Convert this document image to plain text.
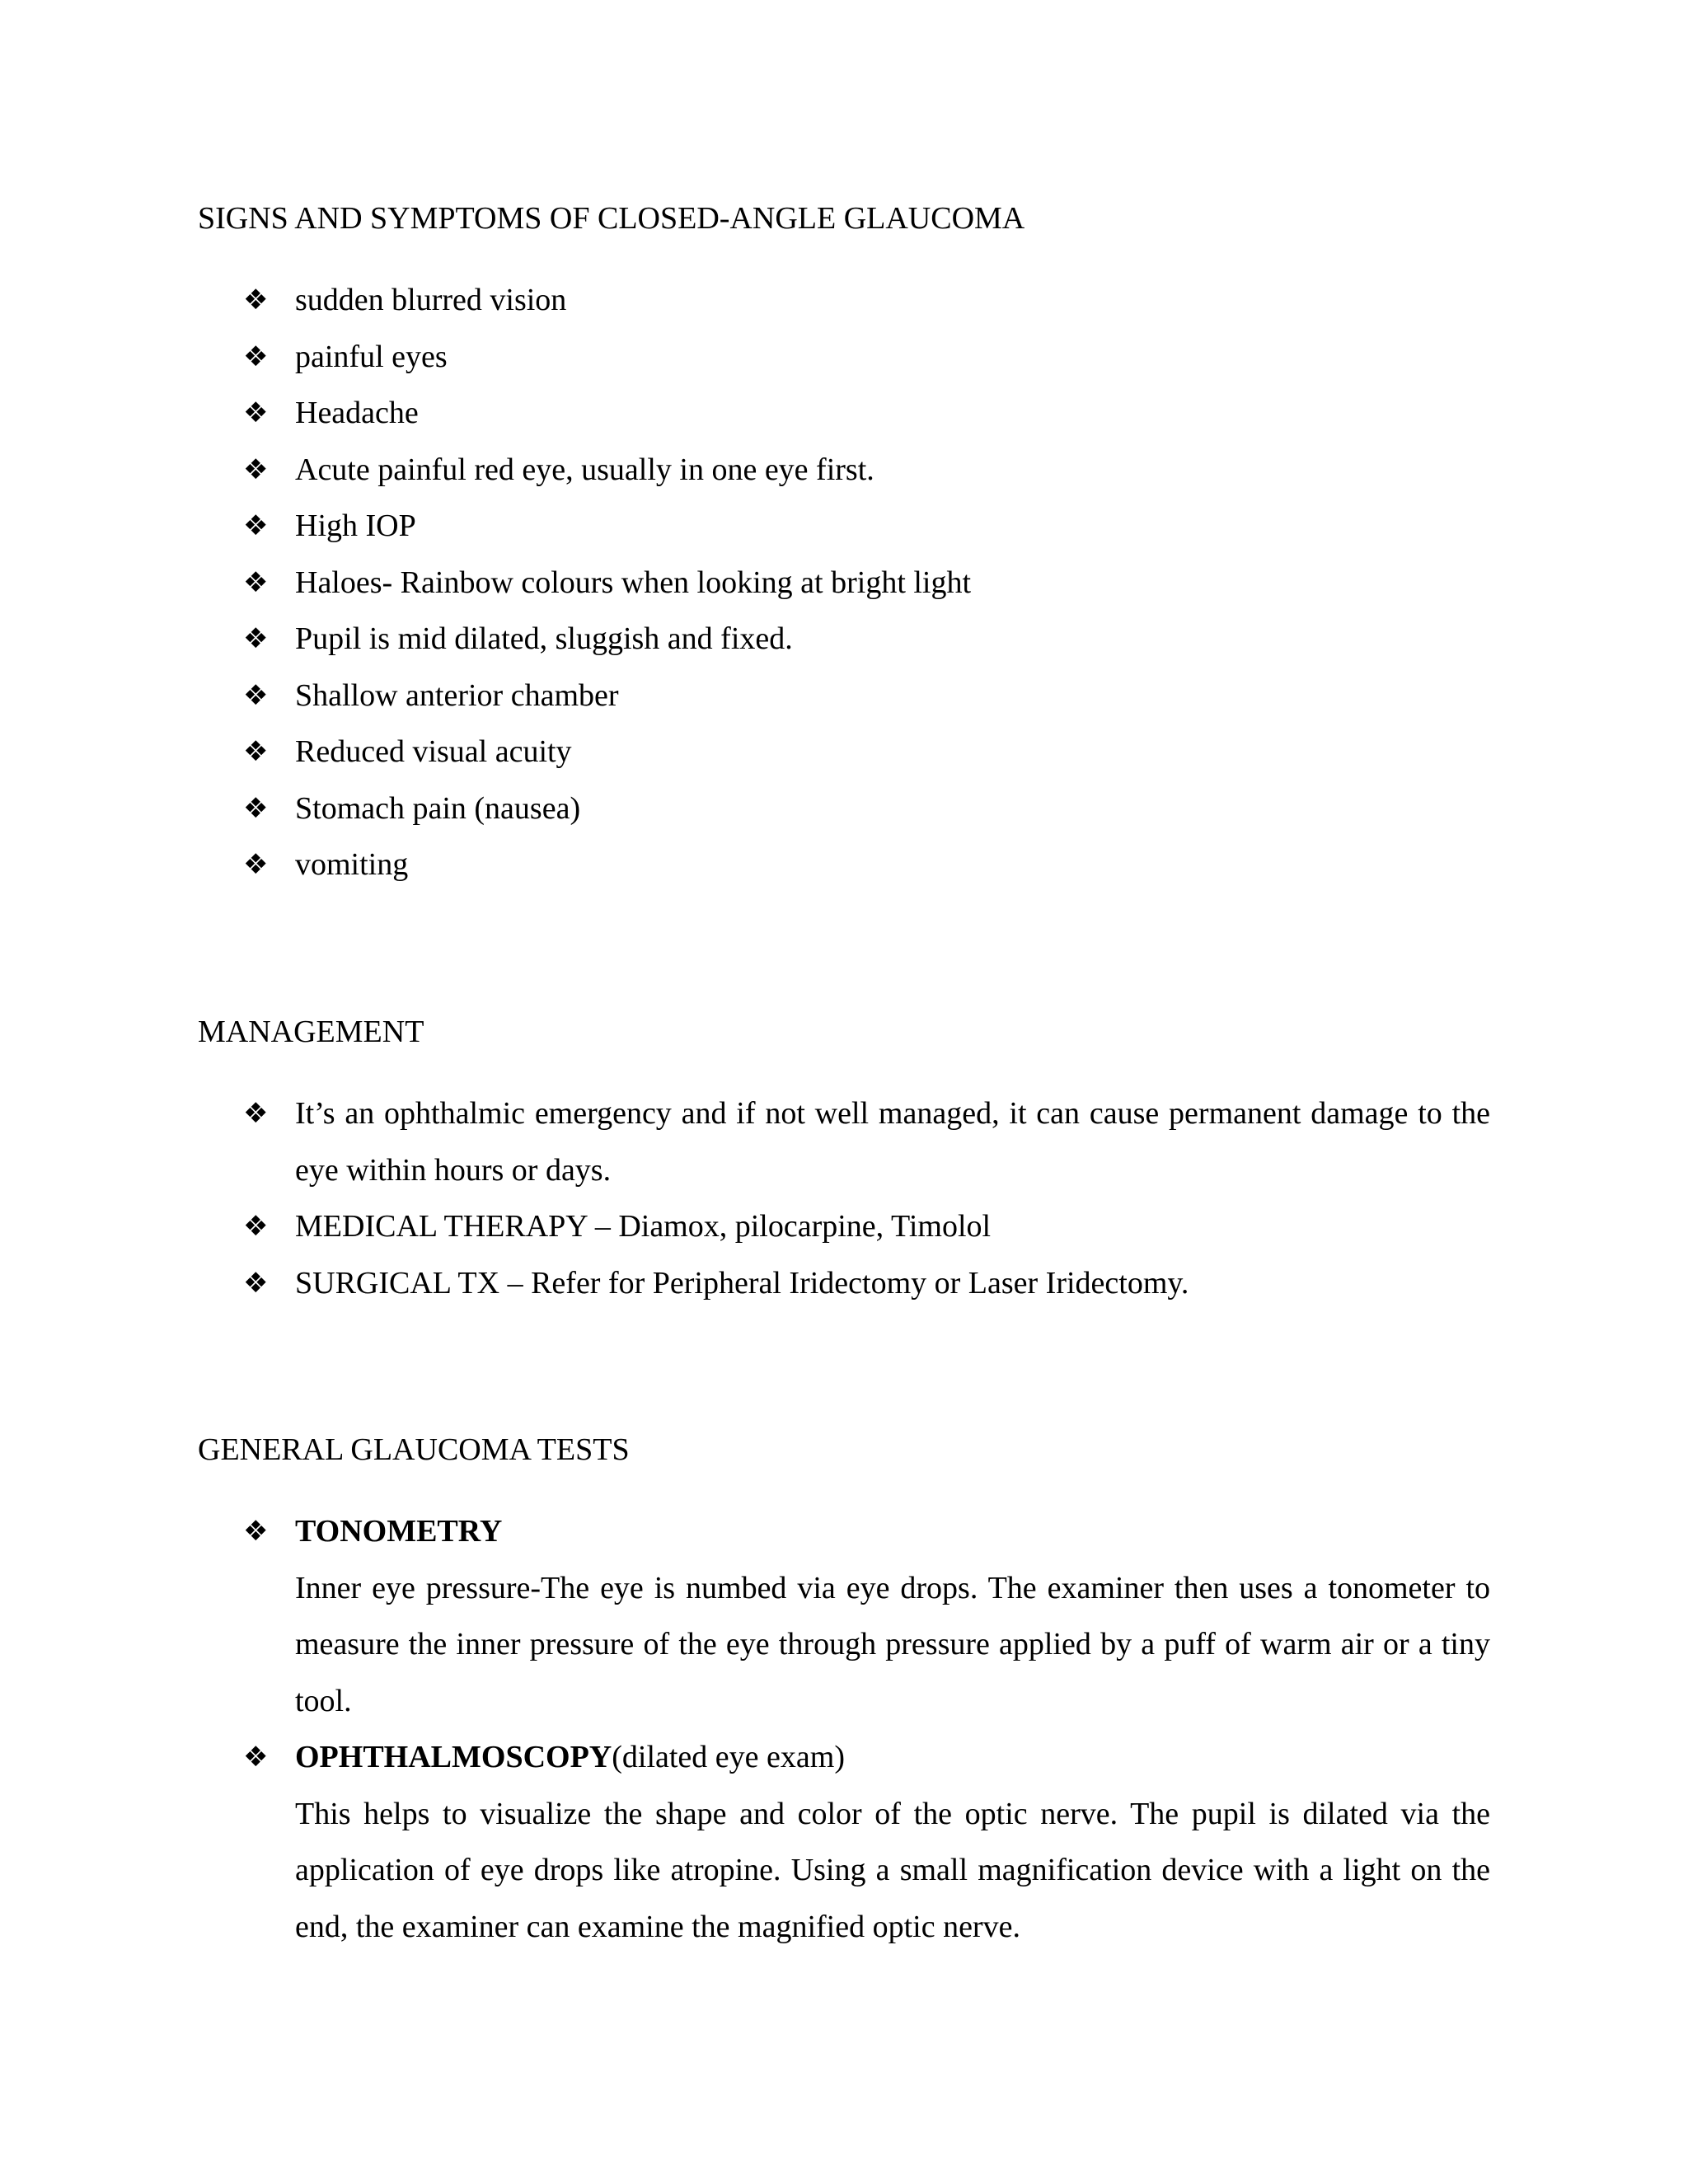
SIGNS AND SYMPTOMS OF CLOSED-ANGLE GLAUCOMA
❖ sudden blurred vision
❖ painful eyes
❖ Headache
❖ Acute painful red eye, usually in one eye first.
❖ High IOP
❖ Haloes- Rainbow colours when looking at bright light
❖ Pupil is mid dilated, sluggish and fixed.
❖ Shallow anterior chamber
❖ Reduced visual acuity
❖ Stomach pain (nausea)
❖ vomiting
MANAGEMENT
❖ It’s an ophthalmic emergency and if not well managed, it can cause permanent damage to the eye within hours or days.
❖ MEDICAL THERAPY – Diamox, pilocarpine, Timolol
❖ SURGICAL TX – Refer for Peripheral Iridectomy or Laser Iridectomy.
GENERAL GLAUCOMA TESTS
❖ TONOMETRY
Inner eye pressure-The eye is numbed via eye drops. The examiner then uses a tonometer to measure the inner pressure of the eye through pressure applied by a puff of warm air or a tiny tool.
❖ OPHTHALMOSCOPY(dilated eye exam)
This helps to visualize the shape and color of the optic nerve. The pupil is dilated via the application of eye drops like atropine. Using a small magnification device with a light on the end, the examiner can examine the magnified optic nerve.
